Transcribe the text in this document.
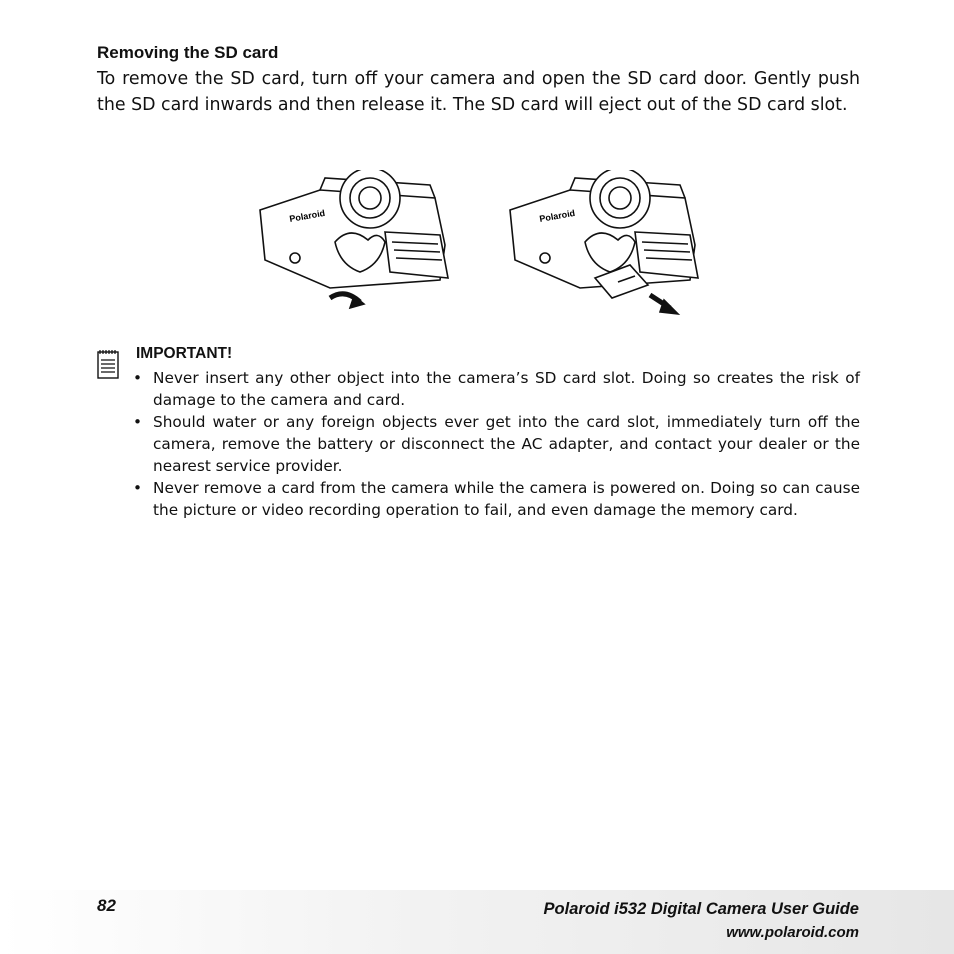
Removing the SD card

To remove the SD card, turn off your camera and open the SD card door. Gently push the SD card inwards and then release it. The SD card will eject out of the SD card slot.

Polaroid	Polaroid
IMPORTANT!
• Never insert any other object into the camera’s SD card slot. Doing so creates the risk of damage to the camera and card.
• Should water or any foreign objects ever get into the card slot, immediately turn off the camera, remove the battery or disconnect the AC adapter, and contact your dealer or the nearest service provider.
• Never remove a card from the camera while the camera is powered on. Doing so can cause the picture or video recording operation to fail, and even damage the memory card.
82	Polaroid i532 Digital Camera User Guide
www.polaroid.com
